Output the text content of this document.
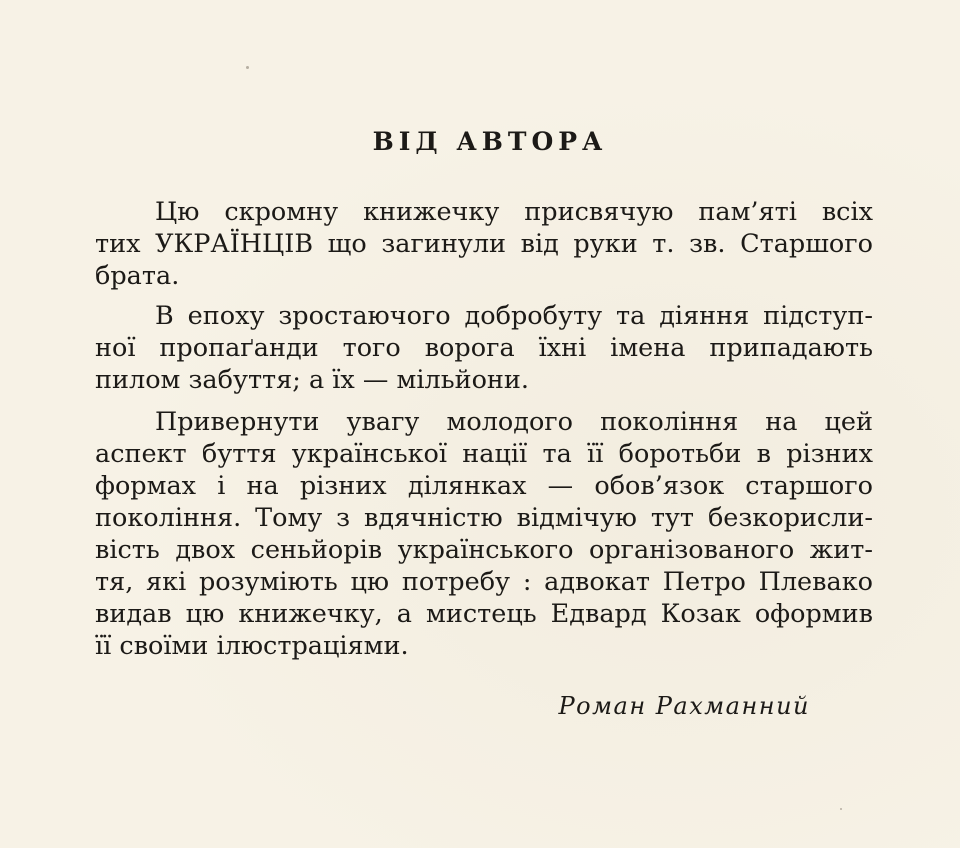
ВІД АВТОРА
Цю скромну книжечку присвячую пам’яті всіх
тих УКРАЇНЦІВ що загинули від руки т. зв. Старшого
брата.
В епоху зростаючого добробуту та діяння підступ-
ної пропаґанди того ворога їхні імена припадають
пилом забуття; а їх — мільйони.
Привернути увагу молодого покоління на цей
аспект буття української нації та її боротьби в різних
формах і на різних ділянках — обов’язок старшого
покоління. Тому з вдячністю відмічую тут безкорисли-
вість двох сеньйорів українського організованого жит-
тя, які розуміють цю потребу : адвокат Петро Плевако
видав цю книжечку, а мистець Едвард Козак оформив
її своїми ілюстраціями.
Роман Рахманний
